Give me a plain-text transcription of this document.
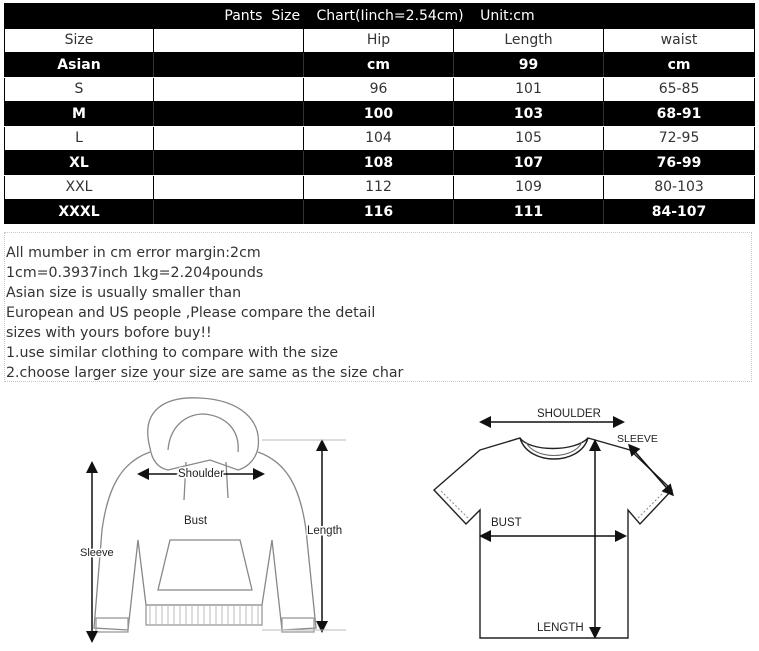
Pants  Size Chart(Iinch=2.54cm) Unit:cm				
Size		Hip	Length	waist
Asian		cm	99	cm
S		96	101	65-85
M		100	103	68-91
L		104	105	72-95
XL		108	107	76-99
XXL		112	109	80-103
XXXL		116	111	84-107
All mumber in cm error margin:2cm
1cm=0.3937inch 1kg=2.204pounds
Asian size is usually smaller than
European and US people ,Please compare the detail
sizes with yours bofore buy!!
1.use similar clothing to compare with the size
2.choose larger size your size are same as the size char
Shoulder
Bust
Sleeve
Length
SHOULDER
SLEEVE
BUST
LENGTH
